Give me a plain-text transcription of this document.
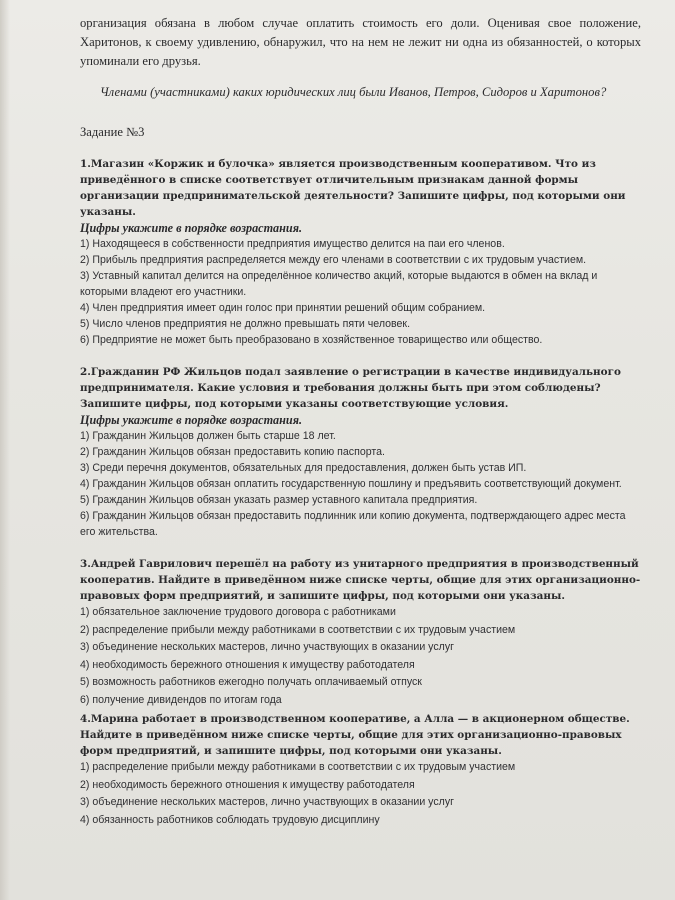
организация обязана в любом случае оплатить стоимость его доли. Оценивая свое положение, Харитонов, к своему удивлению, обнаружил, что на нем не лежит ни одна из обязанностей, о которых упоминали его друзья.

Членами (участниками) каких юридических лиц были Иванов, Петров, Сидоров и Харитонов?

Задание №3

1.Магазин «Коржик и булочка» является производственным кооперативом. Что из приведённого в списке соответствует отличительным признакам данной формы организации предпринимательской деятельности? Запишите цифры, под которыми они указаны.

Цифры укажите в порядке возрастания.

1) Находящееся в собственности предприятия имущество делится на паи его членов.
2) Прибыль предприятия распределяется между его членами в соответствии с их трудовым участием.
3) Уставный капитал делится на определённое количество акций, которые выдаются в обмен на вклад и которыми владеют его участники.
4) Член предприятия имеет один голос при принятии решений общим собранием.
5) Число членов предприятия не должно превышать пяти человек.
6) Предприятие не может быть преобразовано в хозяйственное товарищество или общество.

2.Гражданин РФ Жильцов подал заявление о регистрации в качестве индивидуального предпринимателя. Какие условия и требования должны быть при этом соблюдены? Запишите цифры, под которыми указаны соответствующие условия.

Цифры укажите в порядке возрастания.

1) Гражданин Жильцов должен быть старше 18 лет.
2) Гражданин Жильцов обязан предоставить копию паспорта.
3) Среди перечня документов, обязательных для предоставления, должен быть устав ИП.
4) Гражданин Жильцов обязан оплатить государственную пошлину и предъявить соответствующий документ.
5) Гражданин Жильцов обязан указать размер уставного капитала предприятия.
6) Гражданин Жильцов обязан предоставить подлинник или копию документа, подтверждающего адрес места его жительства.

3.Андрей Гаврилович перешёл на работу из унитарного предприятия в производственный кооператив. Найдите в приведённом ниже списке черты, общие для этих организационно-правовых форм предприятий, и запишите цифры, под которыми они указаны.

1) обязательное заключение трудового договора с работниками
2) распределение прибыли между работниками в соответствии с их трудовым участием
3) объединение нескольких мастеров, лично участвующих в оказании услуг
4) необходимость бережного отношения к имуществу работодателя
5) возможность работников ежегодно получать оплачиваемый отпуск
6) получение дивидендов по итогам года

4.Марина работает в производственном кооперативе, а Алла — в акционерном обществе. Найдите в приведённом ниже списке черты, общие для этих организационно-правовых форм предприятий, и запишите цифры, под которыми они указаны.

1) распределение прибыли между работниками в соответствии с их трудовым участием
2) необходимость бережного отношения к имуществу работодателя
3) объединение нескольких мастеров, лично участвующих в оказании услуг
4) обязанность работников соблюдать трудовую дисциплину
